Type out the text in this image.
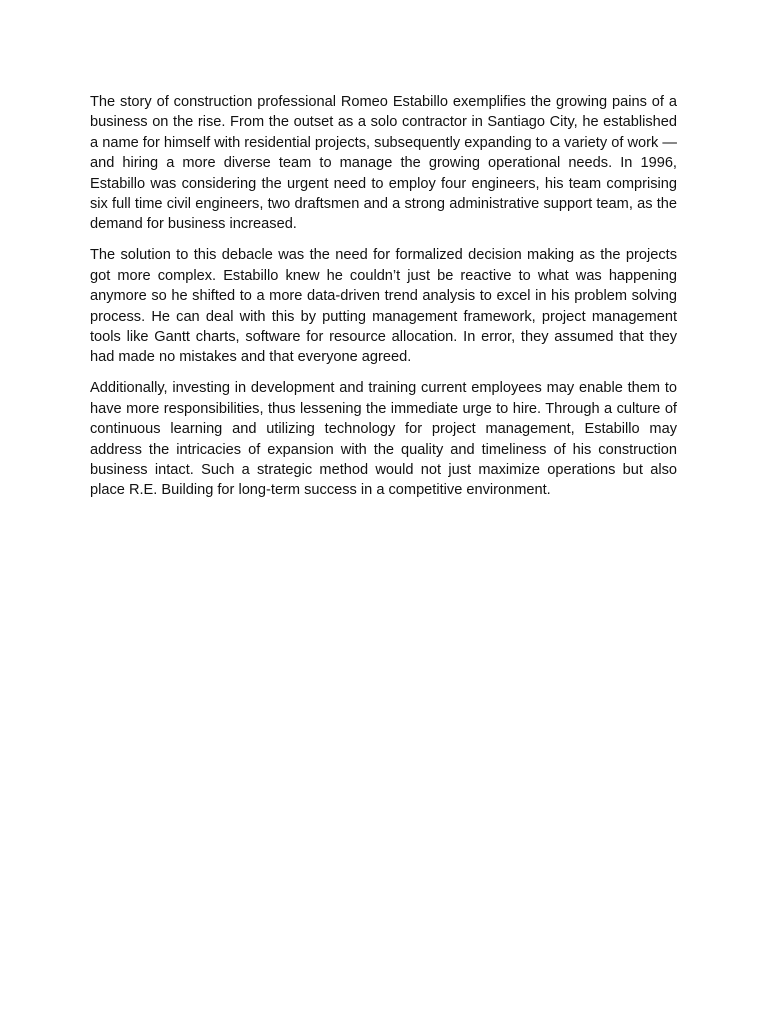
The story of construction professional Romeo Estabillo exemplifies the growing pains of a business on the rise. From the outset as a solo contractor in Santiago City, he established a name for himself with residential projects, subsequently expanding to a variety of work —and hiring a more diverse team to manage the growing operational needs. In 1996, Estabillo was considering the urgent need to employ four engineers, his team comprising six full time civil engineers, two draftsmen and a strong administrative support team, as the demand for business increased.

The solution to this debacle was the need for formalized decision making as the projects got more complex. Estabillo knew he couldn’t just be reactive to what was happening anymore so he shifted to a more data-driven trend analysis to excel in his problem solving process. He can deal with this by putting management framework, project management tools like Gantt charts, software for resource allocation. In error, they assumed that they had made no mistakes and that everyone agreed.

Additionally, investing in development and training current employees may enable them to have more responsibilities, thus lessening the immediate urge to hire. Through a culture of continuous learning and utilizing technology for project management, Estabillo may address the intricacies of expansion with the quality and timeliness of his construction business intact. Such a strategic method would not just maximize operations but also place R.E. Building for long-term success in a competitive environment.
